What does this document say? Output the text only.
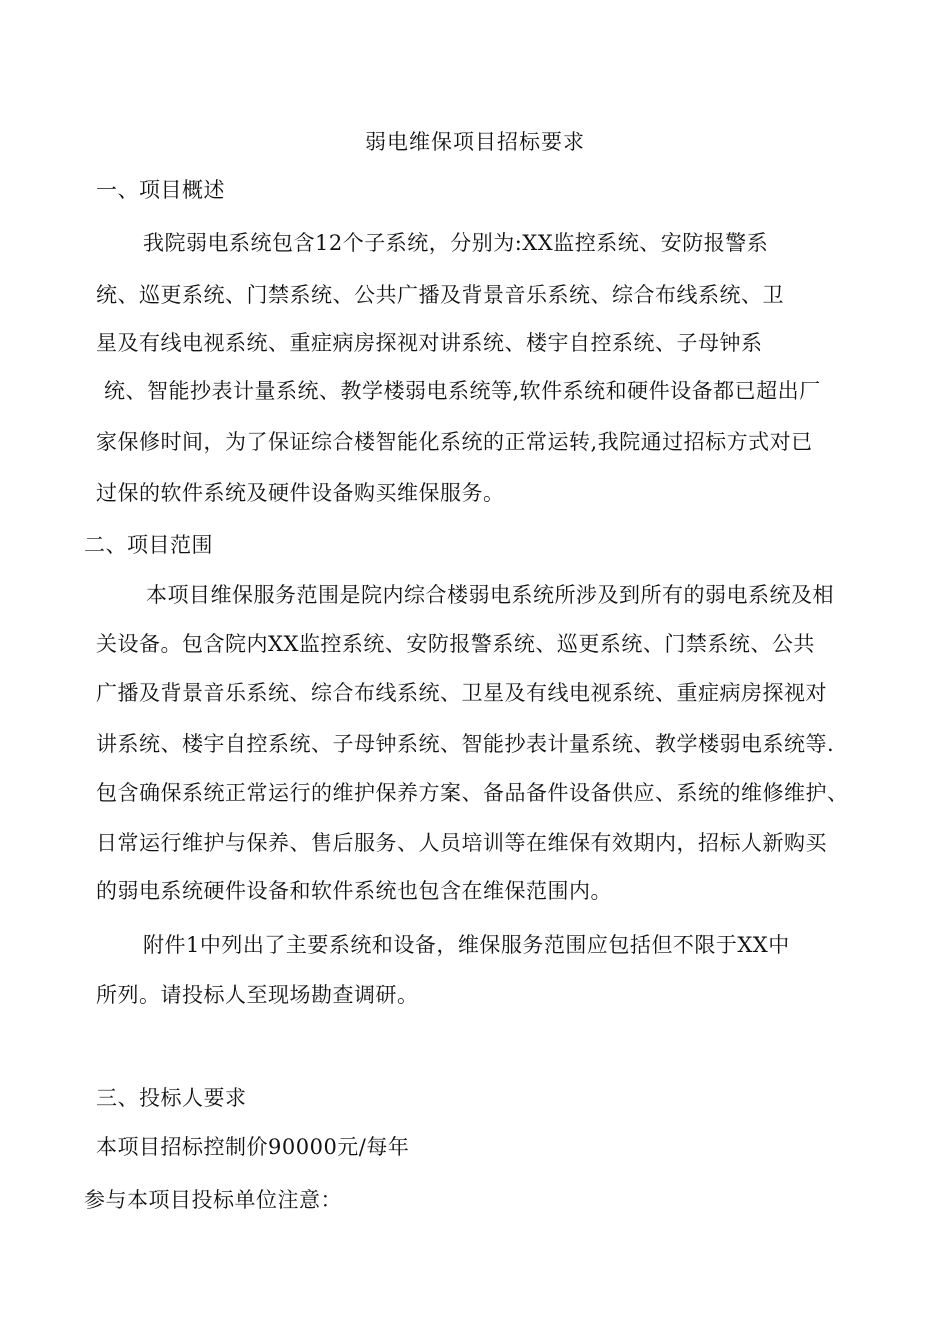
弱电维保项目招标要求
一、项目概述
我院弱电系统包含12个子系统，分别为:XX监控系统、安防报警系
统、巡更系统、门禁系统、公共广播及背景音乐系统、综合布线系统、卫
星及有线电视系统、重症病房探视对讲系统、楼宇自控系统、子母钟系
统、智能抄表计量系统、教学楼弱电系统等,软件系统和硬件设备都已超出厂
家保修时间，为了保证综合楼智能化系统的正常运转,我院通过招标方式对已
过保的软件系统及硬件设备购买维保服务。
二、项目范围
本项目维保服务范围是院内综合楼弱电系统所涉及到所有的弱电系统及相
关设备。包含院内XX监控系统、安防报警系统、巡更系统、门禁系统、公共
广播及背景音乐系统、综合布线系统、卫星及有线电视系统、重症病房探视对
讲系统、楼宇自控系统、子母钟系统、智能抄表计量系统、教学楼弱电系统等.
包含确保系统正常运行的维护保养方案、备品备件设备供应、系统的维修维护、
日常运行维护与保养、售后服务、人员培训等在维保有效期内，招标人新购买
的弱电系统硬件设备和软件系统也包含在维保范围内。
附件1中列出了主要系统和设备，维保服务范围应包括但不限于XX中
所列。请投标人至现场勘查调研。
三、投标人要求
本项目招标控制价90000元/每年
参与本项目投标单位注意：
